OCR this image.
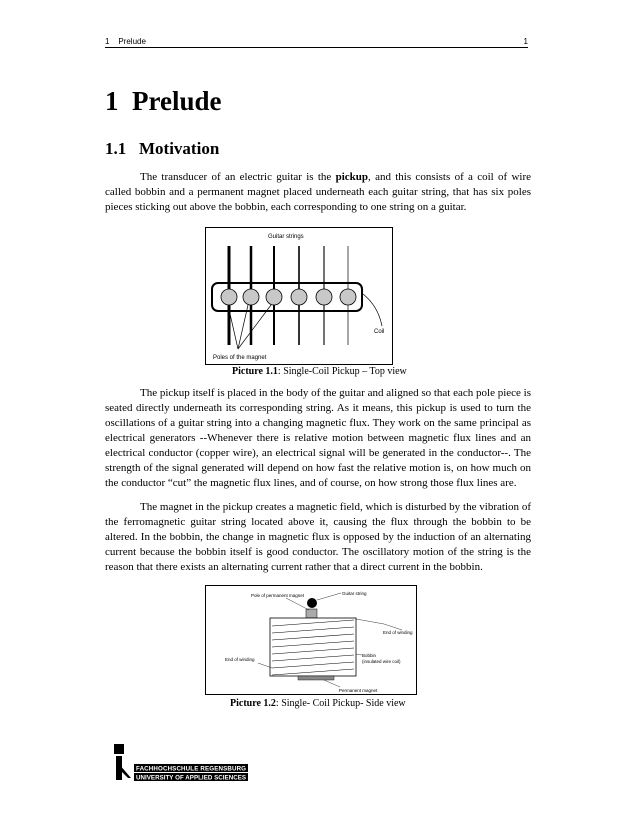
1    Prelude	1
1  Prelude
1.1   Motivation

The transducer of an electric guitar is the pickup, and this consists of a coil of wire called bobbin and a permanent magnet placed underneath each guitar string, that has six poles pieces sticking out above the bobbin, each corresponding to one string on a guitar.

Guitar strings
Coil
Poles of the magnet
Picture 1.1: Single-Coil Pickup – Top view

The pickup itself is placed in the body of the guitar and aligned so that each pole piece is seated directly underneath its corresponding string. As it means, this pickup is used to turn the oscillations of a guitar string into a changing magnetic flux. They work on the same principal as electrical generators --Whenever there is relative motion between magnetic flux lines and an electrical conductor (copper wire), an electrical signal will be generated in the conductor--. The strength of the signal generated will depend on how fast the relative motion is, on how much on the conductor “cut” the magnetic flux lines, and of course, on how strong those flux lines are.

The magnet in the pickup creates a magnetic field, which is disturbed by the vibration of the ferromagnetic guitar string located above it, causing the flux through the bobbin to be altered. In the bobbin, the change in magnetic flux is opposed by the induction of an alternating current because the bobbin itself is good conductor. The oscillatory motion of the string is the reason that there exists an alternating current rather that a direct current in the bobbin.

Pole of permanent magnet	Guitar string
End of winding
End of winding
Bobbin
(insulated wire coil)
Permanent magnet
Picture 1.2: Single- Coil Pickup- Side view
FACHHOCHSCHULE REGENSBURG
UNIVERSITY OF APPLIED SCIENCES
